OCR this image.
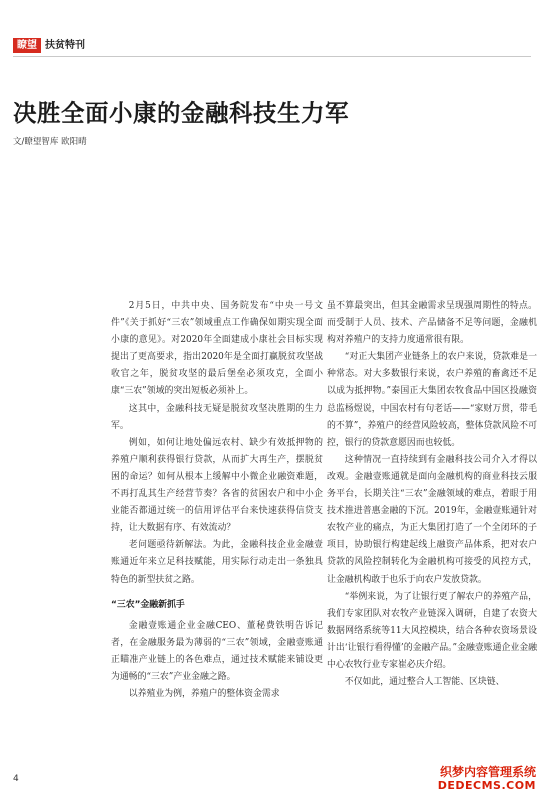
瞭望 扶贫特刊
决胜全面小康的金融科技生力军
文/瞭望智库 欧阳晴

2月5日，中共中央、国务院发布“中央一号文件”《关于抓好“三农”领域重点工作确保如期实现全面小康的意见》。对2020年全面建成小康社会目标实现提出了更高要求，指出2020年是全面打赢脱贫攻坚战收官之年，脱贫攻坚的最后堡垒必须攻克，全面小康“三农”领域的突出短板必须补上。

这其中，金融科技无疑是脱贫攻坚决胜期的生力军。

例如，如何让地处偏远农村、缺少有效抵押物的养殖户顺利获得银行贷款，从而扩大再生产，摆脱贫困的命运？如何从根本上缓解中小微企业融资难题，不再打乱其生产经营节奏？各省的贫困农户和中小企业能否都通过统一的信用评估平台来快速获得信贷支持，让大数据有序、有效流动？

老问题亟待新解法。为此，金融科技企业金融壹账通近年来立足科技赋能，用实际行动走出一条独具特色的新型扶贫之路。

“三农”金融新抓手

金融壹账通企业金融CEO、董秘费铁明告诉记者，在金融服务最为薄弱的“三农”领域，金融壹账通正瞄准产业链上的各色难点，通过技术赋能来铺设更为通畅的“三农”产业金融之路。

以养殖业为例，养殖户的整体资金需求

虽不算最突出，但其金融需求呈现强周期性的特点。而受制于人员、技术、产品储备不足等问题，金融机构对养殖户的支持力度通常很有限。

“对正大集团产业链条上的农户来说，贷款难是一种常态。对大多数银行来说，农户养殖的畜禽还不足以成为抵押物。”泰国正大集团农牧食品中国区投融资总监杨煜说，中国农村有句老话——“家财万贯，带毛的不算”，养殖户的经营风险较高，整体贷款风险不可控，银行的贷款意愿因而也较低。

这种情况一直持续到有金融科技公司介入才得以改观。金融壹账通就是面向金融机构的商业科技云服务平台，长期关注“三农”金融领域的难点，着眼于用技术推进普惠金融的下沉。2019年，金融壹账通针对农牧产业的痛点，为正大集团打造了一个全闭环的子项目，协助银行构建起线上融资产品体系，把对农户贷款的风险控制转化为金融机构可接受的风控方式，让金融机构敢于也乐于向农户发放贷款。

“举例来说，为了让银行更了解农户的养殖产品，我们专家团队对农牧产业链深入调研，自建了农资大数据网络系统等11大风控模块，结合各种农资场景设计出‘让银行看得懂’的金融产品。”金融壹账通企业金融中心农牧行业专家崔必庆介绍。

不仅如此，通过整合人工智能、区块链、

4	织梦内容管理系统
DEDECMS.COM
